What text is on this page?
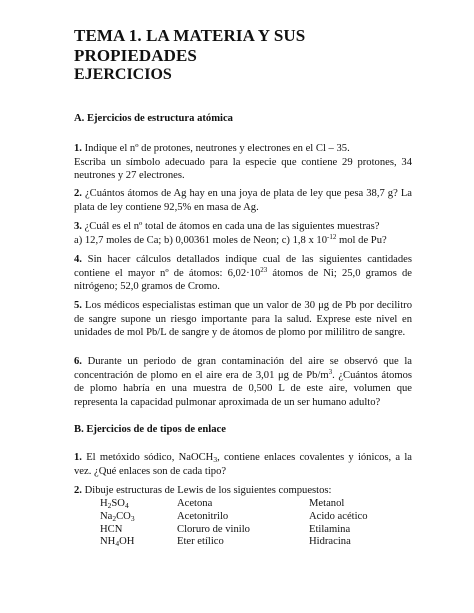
TEMA 1. LA MATERIA Y SUS PROPIEDADES
EJERCICIOS
A. Ejercicios de estructura atómica
1. Indique el nº de protones, neutrones y electrones en el Cl – 35.
Escriba un símbolo adecuado para la especie que contiene 29 protones, 34 neutrones y 27 electrones.
2. ¿Cuántos átomos de Ag hay en una joya de plata de ley que pesa 38,7 g? La plata de ley contiene 92,5% en masa de Ag.
3. ¿Cuál es el nº total de átomos en cada una de las siguientes muestras?
a) 12,7 moles de Ca; b) 0,00361 moles de Neon; c) 1,8 x $10^{-12}$ mol de Pu?
4. Sin hacer cálculos detallados indique cual de las siguientes cantidades contiene el mayor nº de átomos: $6,02\cdot 10^{23}$ átomos de Ni; 25,0 gramos de nitrógeno; 52,0 gramos de Cromo.
5. Los médicos especialistas estiman que un valor de 30 μg de Pb por decilitro de sangre supone un riesgo importante para la salud. Exprese este nivel en unidades de mol Pb/L de sangre y de átomos de plomo por mililitro de sangre.
6. Durante un periodo de gran contaminación del aire se observó que la concentración de plomo en el aire era de 3,01 μg de $Pb/m^3$. ¿Cuántos átomos de plomo habría en una muestra de 0,500 L de este aire, volumen que representa la capacidad pulmonar aproximada de un ser humano adulto?
B. Ejercicios de de tipos de enlace
1. El metóxido sódico, NaOCH$_3$, contiene enlaces covalentes y iónicos, a la vez. ¿Qué enlaces son de cada tipo?
2. Dibuje estructuras de Lewis de los siguientes compuestos:
$H_2SO_4$	Acetona	Metanol
$Na_2CO_3$	Acetonitrilo	Acido acético
HCN	Cloruro de vinilo	Etilamina
$NH_4OH$	Eter etílico	Hidracina
